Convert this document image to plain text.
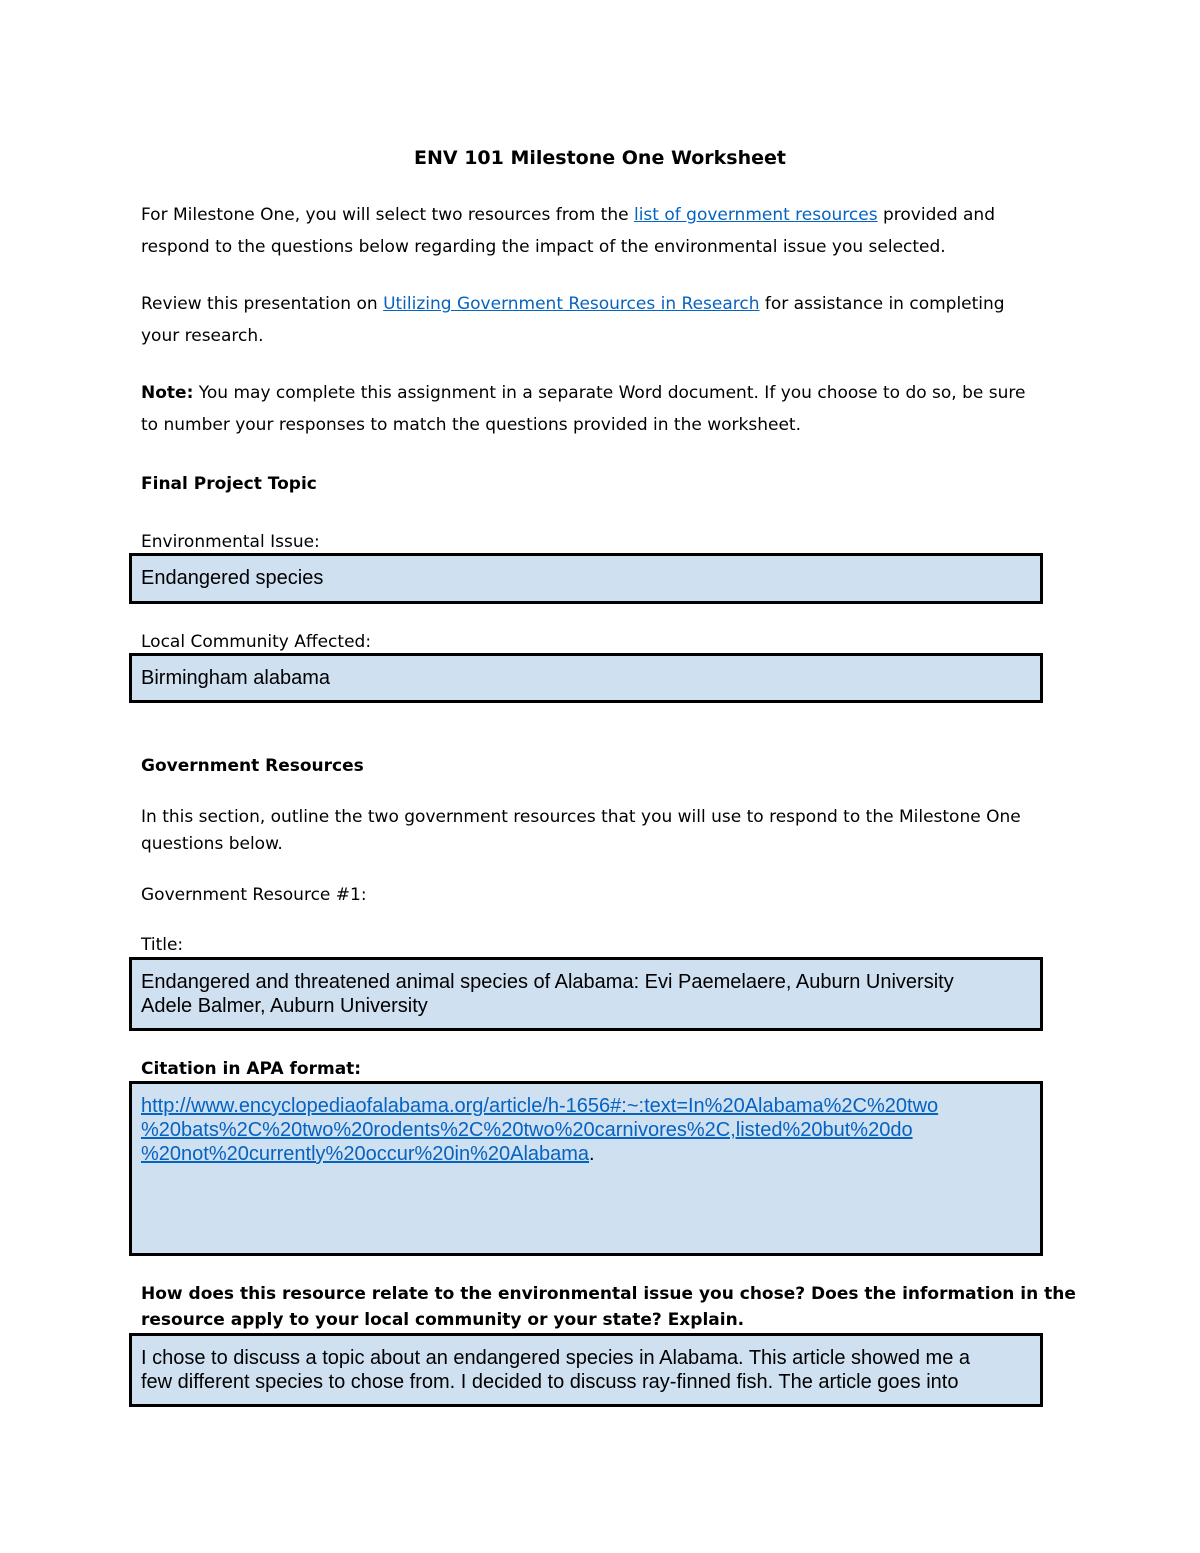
ENV 101 Milestone One Worksheet
For Milestone One, you will select two resources from the list of government resources provided and
respond to the questions below regarding the impact of the environmental issue you selected.
Review this presentation on Utilizing Government Resources in Research for assistance in completing
your research.
Note: You may complete this assignment in a separate Word document. If you choose to do so, be sure
to number your responses to match the questions provided in the worksheet.
Final Project Topic
Environmental Issue:
Endangered species
Local Community Affected:
Birmingham alabama
Government Resources
In this section, outline the two government resources that you will use to respond to the Milestone One
questions below.
Government Resource #1:
Title:
Endangered and threatened animal species of Alabama: Evi Paemelaere, Auburn University
Adele Balmer, Auburn University
Citation in APA format:
http://www.encyclopediaofalabama.org/article/h-1656#:~:text=In%20Alabama%2C%20two
%20bats%2C%20two%20rodents%2C%20two%20carnivores%2C,listed%20but%20do
%20not%20currently%20occur%20in%20Alabama.
How does this resource relate to the environmental issue you chose? Does the information in the
resource apply to your local community or your state? Explain.
I chose to discuss a topic about an endangered species in Alabama. This article showed me a
few different species to chose from. I decided to discuss ray-finned fish. The article goes into
